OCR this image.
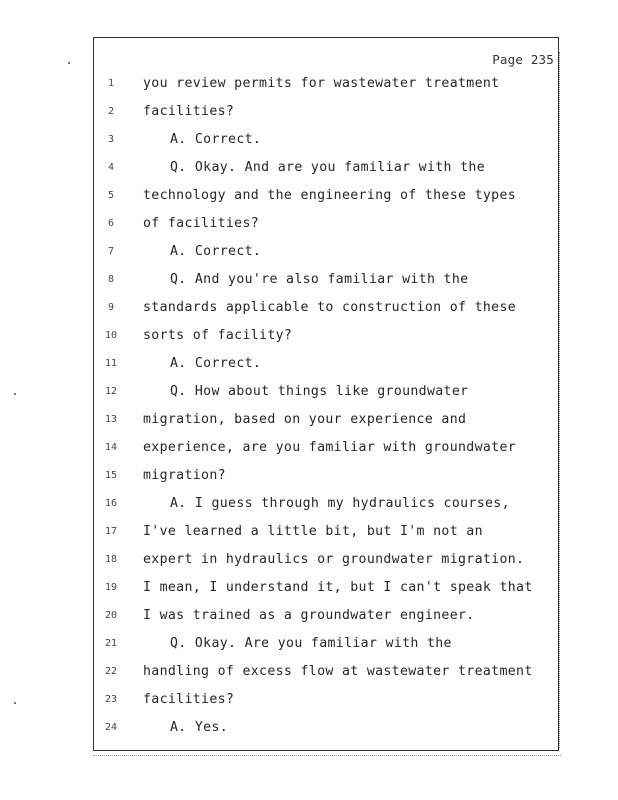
Page 235
1	you review permits for wastewater treatment
2	facilities?
3	A. Correct.
4	Q. Okay. And are you familiar with the
5	technology and the engineering of these types
6	of facilities?
7	A. Correct.
8	Q. And you're also familiar with the
9	standards applicable to construction of these
10	sorts of facility?
11	A. Correct.
12	Q. How about things like groundwater
13	migration, based on your experience and
14	experience, are you familiar with groundwater
15	migration?
16	A. I guess through my hydraulics courses,
17	I've learned a little bit, but I'm not an
18	expert in hydraulics or groundwater migration.
19	I mean, I understand it, but I can't speak that
20	I was trained as a groundwater engineer.
21	Q. Okay. Are you familiar with the
22	handling of excess flow at wastewater treatment
23	facilities?
24	A. Yes.
